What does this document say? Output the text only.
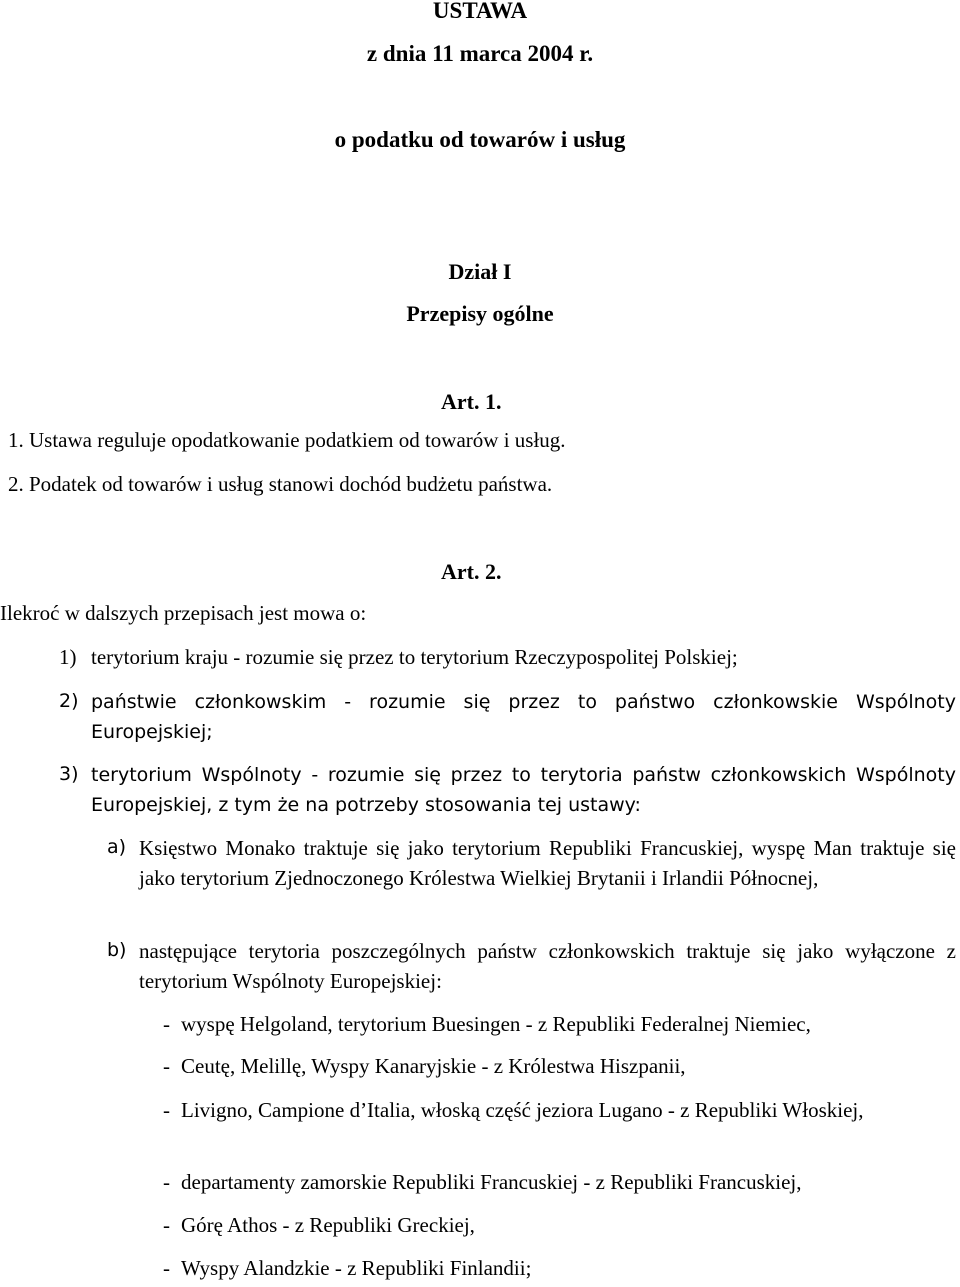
USTAWA
z dnia 11 marca 2004 r.
o podatku od towarów i usług
Dział I
Przepisy ogólne
Art. 1.
1. Ustawa reguluje opodatkowanie podatkiem od towarów i usług.
2. Podatek od towarów i usług stanowi dochód budżetu państwa.
Art. 2.
Ilekroć w dalszych przepisach jest mowa o:
1) terytorium kraju - rozumie się przez to terytorium Rzeczypospolitej Polskiej;
2) państwie członkowskim - rozumie się przez to państwo członkowskie Wspólnoty Europejskiej;
3) terytorium Wspólnoty - rozumie się przez to terytoria państw członkowskich Wspólnoty Europejskiej, z tym że na potrzeby stosowania tej ustawy:
a) Księstwo Monako traktuje się jako terytorium Republiki Francuskiej, wyspę Man traktuje się jako terytorium Zjednoczonego Królestwa Wielkiej Brytanii i Irlandii Północnej,
b) następujące terytoria poszczególnych państw członkowskich traktuje się jako wyłączone z terytorium Wspólnoty Europejskiej:
- wyspę Helgoland, terytorium Buesingen - z Republiki Federalnej Niemiec,
- Ceutę, Melillę, Wyspy Kanaryjskie - z Królestwa Hiszpanii,
- Livigno, Campione d’Italia, włoską część jeziora Lugano - z Republiki Włoskiej,
- departamenty zamorskie Republiki Francuskiej - z Republiki Francuskiej,
- Górę Athos - z Republiki Greckiej,
- Wyspy Alandzkie - z Republiki Finlandii;
